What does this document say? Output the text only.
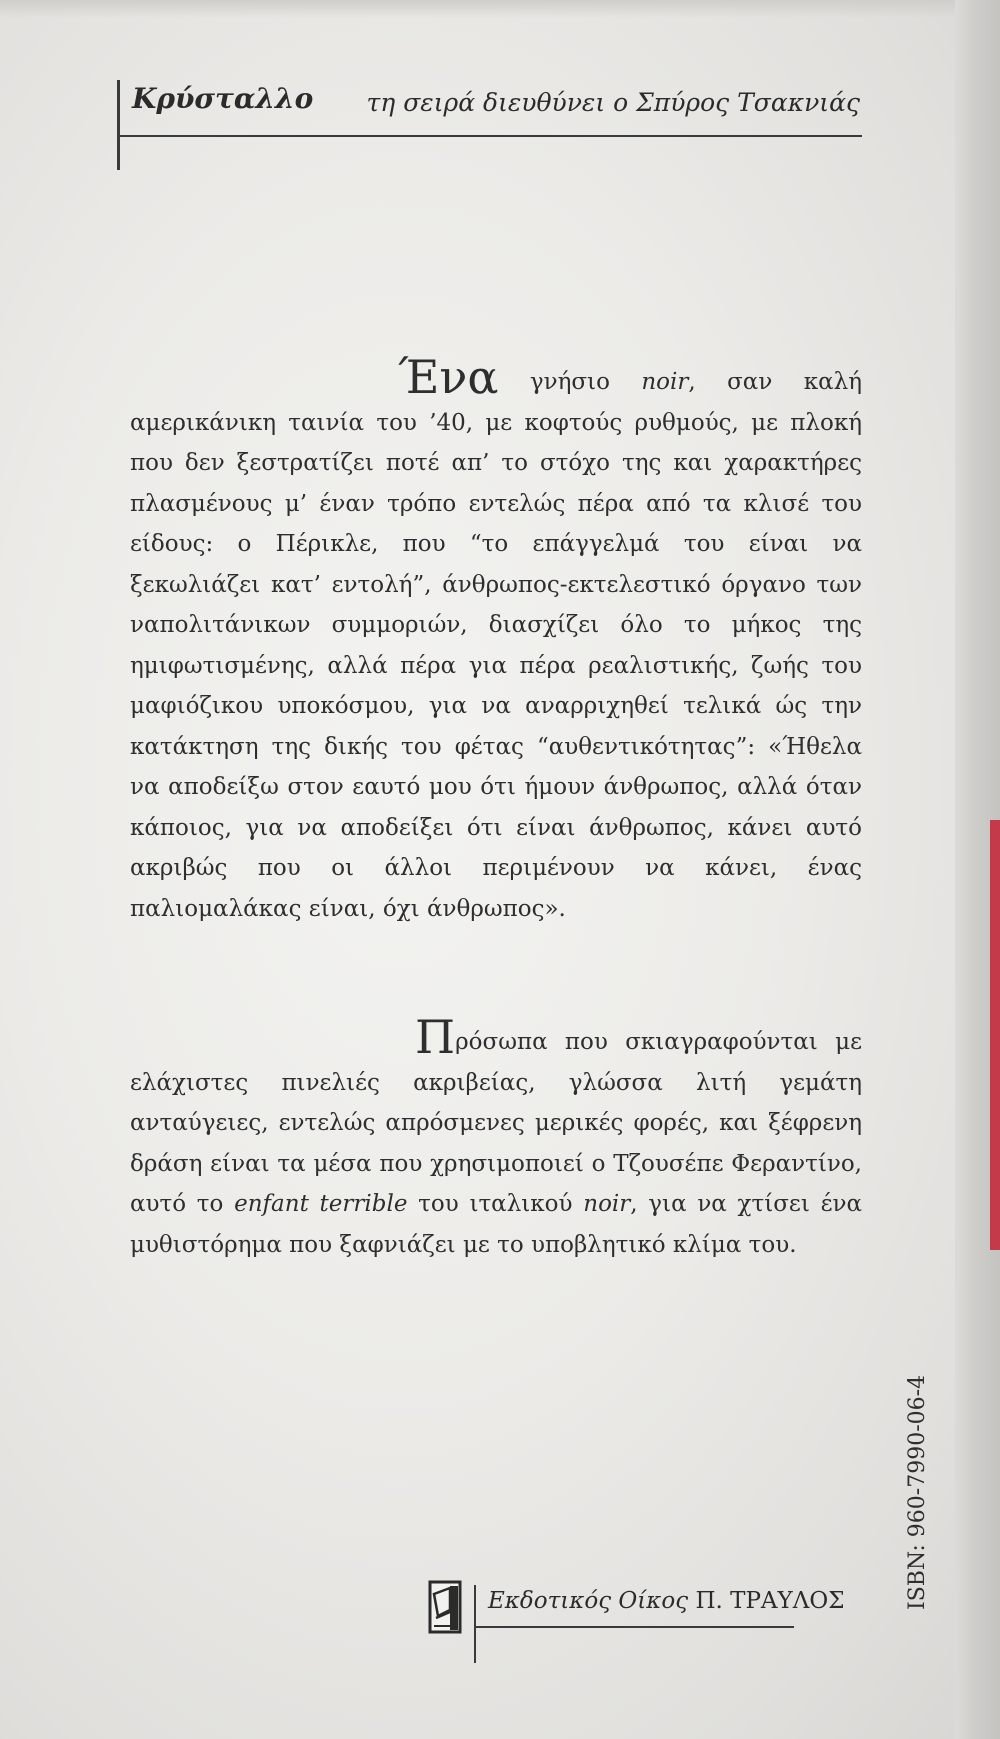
Κρύσταλλο τη σειρά διευθύνει ο Σπύρος Τσακνιάς
Ένα γνήσιο noir, σαν καλή αμερικάνικη ταινία του ’40, με κοφτούς ρυθμούς, με πλοκή που δεν ξεστρατίζει ποτέ απ’ το στόχο της και χαρακτήρες πλασμένους μ’ έναν τρόπο εντελώς πέρα από τα κλισέ του είδους: ο Πέρικλε, που “το επάγγελμά του είναι να ξεκωλιάζει κατ’ εντολή”, άνθρωπος-εκτελεστικό όργανο των ναπολιτάνικων συμμοριών, διασχίζει όλο το μήκος της ημιφωτισμένης, αλλά πέρα για πέρα ρεαλιστικής, ζωής του μαφιόζικου υποκόσμου, για να αναρριχηθεί τελικά ώς την κατάκτηση της δικής του φέτας “αυθεντικότητας”: «Ήθελα να αποδείξω στον εαυτό μου ότι ήμουν άνθρωπος, αλλά όταν κάποιος, για να αποδείξει ότι είναι άνθρωπος, κάνει αυτό ακριβώς που οι άλλοι περιμένουν να κάνει, ένας παλιομαλάκας είναι, όχι άνθρωπος».
Πρόσωπα που σκιαγραφούνται με ελάχιστες πινελιές ακριβείας, γλώσσα λιτή γεμάτη ανταύγειες, εντελώς απρόσμενες μερικές φορές, και ξέφρενη δράση είναι τα μέσα που χρησιμοποιεί ο Τζουσέπε Φεραντίνο, αυτό το enfant terrible του ιταλικού noir, για να χτίσει ένα μυθιστόρημα που ξαφνιάζει με το υποβλητικό κλίμα του.
ISBN: 960-7990-06-4
Εκδοτικός Οίκος Π. ΤΡΑΥΛΟΣ
